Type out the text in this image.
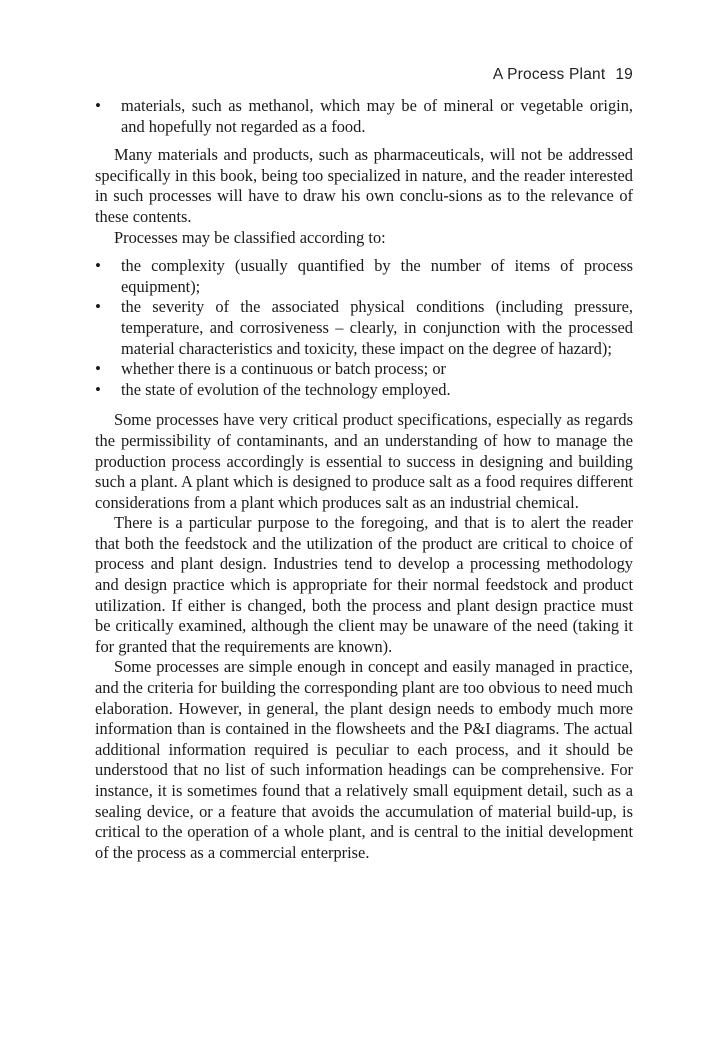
A Process Plant 19
• materials, such as methanol, which may be of mineral or vegetable origin, and hopefully not regarded as a food.

Many materials and products, such as pharmaceuticals, will not be addressed specifically in this book, being too specialized in nature, and the reader interested in such processes will have to draw his own conclu-sions as to the relevance of these contents.

Processes may be classified according to:

• the complexity (usually quantified by the number of items of process equipment);
• the severity of the associated physical conditions (including pressure, temperature, and corrosiveness – clearly, in conjunction with the processed material characteristics and toxicity, these impact on the degree of hazard);
• whether there is a continuous or batch process; or
• the state of evolution of the technology employed.

Some processes have very critical product specifications, especially as regards the permissibility of contaminants, and an understanding of how to manage the production process accordingly is essential to success in designing and building such a plant. A plant which is designed to produce salt as a food requires different considerations from a plant which produces salt as an industrial chemical.

There is a particular purpose to the foregoing, and that is to alert the reader that both the feedstock and the utilization of the product are critical to choice of process and plant design. Industries tend to develop a processing methodology and design practice which is appropriate for their normal feedstock and product utilization. If either is changed, both the process and plant design practice must be critically examined, although the client may be unaware of the need (taking it for granted that the requirements are known).

Some processes are simple enough in concept and easily managed in practice, and the criteria for building the corresponding plant are too obvious to need much elaboration. However, in general, the plant design needs to embody much more information than is contained in the flowsheets and the P&I diagrams. The actual additional information required is peculiar to each process, and it should be understood that no list of such information headings can be comprehensive. For instance, it is sometimes found that a relatively small equipment detail, such as a sealing device, or a feature that avoids the accumulation of material build-up, is critical to the operation of a whole plant, and is central to the initial development of the process as a commercial enterprise.
